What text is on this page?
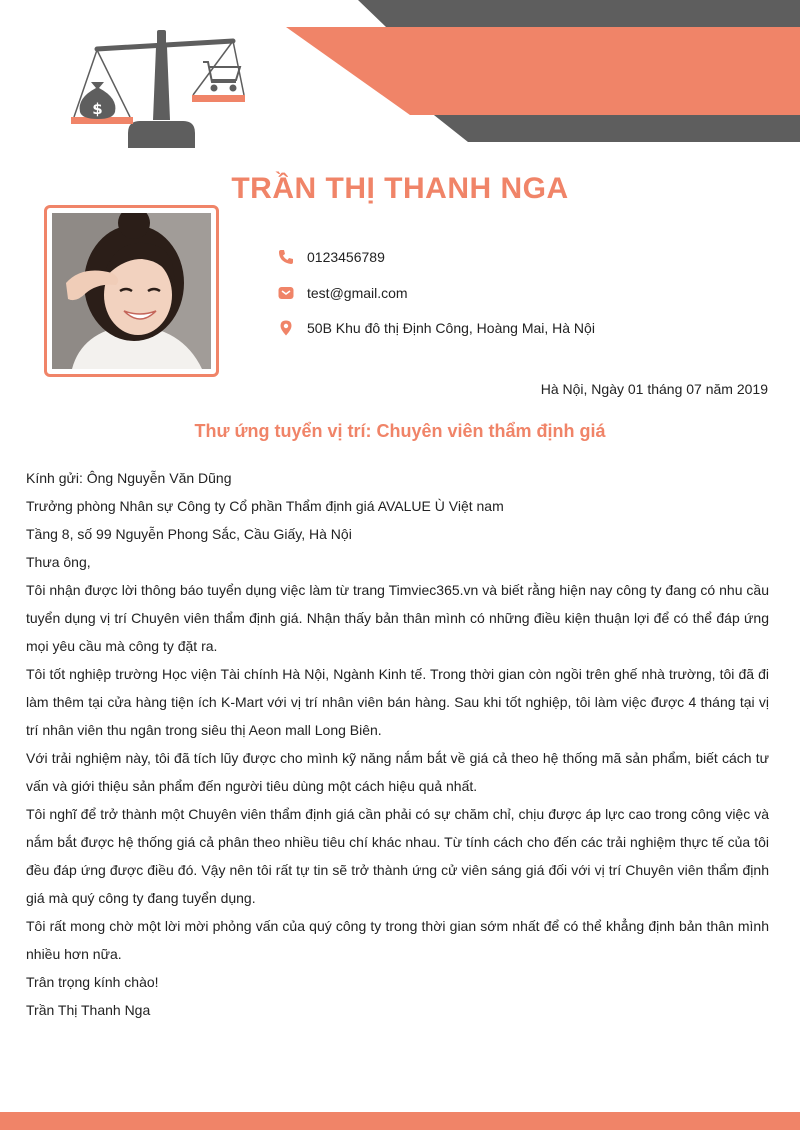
$
TRẦN THỊ THANH NGA
0123456789
test@gmail.com
50B Khu đô thị Định Công, Hoàng Mai, Hà Nội
Hà Nội, Ngày 01 tháng 07 năm 2019
Thư ứng tuyển vị trí: Chuyên viên thẩm định giá

Kính gửi: Ông Nguyễn Văn Dũng

Trưởng phòng Nhân sự Công ty Cổ phần Thẩm định giá AVALUE Ù Việt nam

Tầng 8, số 99 Nguyễn Phong Sắc, Cầu Giấy, Hà Nội

Thưa ông,

Tôi nhận được lời thông báo tuyển dụng việc làm từ trang Timviec365.vn và biết rằng hiện nay công ty đang có nhu cầu tuyển dụng vị trí Chuyên viên thẩm định giá. Nhận thấy bản thân mình có những điều kiện thuận lợi để có thể đáp ứng mọi yêu cầu mà công ty đặt ra.

Tôi tốt nghiệp trường Học viện Tài chính Hà Nội, Ngành Kinh tế. Trong thời gian còn ngồi trên ghế nhà trường, tôi đã đi làm thêm tại cửa hàng tiện ích K-Mart với vị trí nhân viên bán hàng. Sau khi tốt nghiệp, tôi làm việc được 4 tháng tại vị trí nhân viên thu ngân trong siêu thị Aeon mall Long Biên.

Với trải nghiệm này, tôi đã tích lũy được cho mình kỹ năng nắm bắt về giá cả theo hệ thống mã sản phẩm, biết cách tư vấn và giới thiệu sản phẩm đến người tiêu dùng một cách hiệu quả nhất.

Tôi nghĩ để trở thành một Chuyên viên thẩm định giá cần phải có sự chăm chỉ, chịu được áp lực cao trong công việc và nắm bắt được hệ thống giá cả phân theo nhiều tiêu chí khác nhau. Từ tính cách cho đến các trải nghiệm thực tế của tôi đều đáp ứng được điều đó. Vậy nên tôi rất tự tin sẽ trở thành ứng cử viên sáng giá đối với vị trí Chuyên viên thẩm định giá mà quý công ty đang tuyển dụng.

Tôi rất mong chờ một lời mời phỏng vấn của quý công ty trong thời gian sớm nhất để có thể khẳng định bản thân mình nhiều hơn nữa.

Trân trọng kính chào!

Trần Thị Thanh Nga
